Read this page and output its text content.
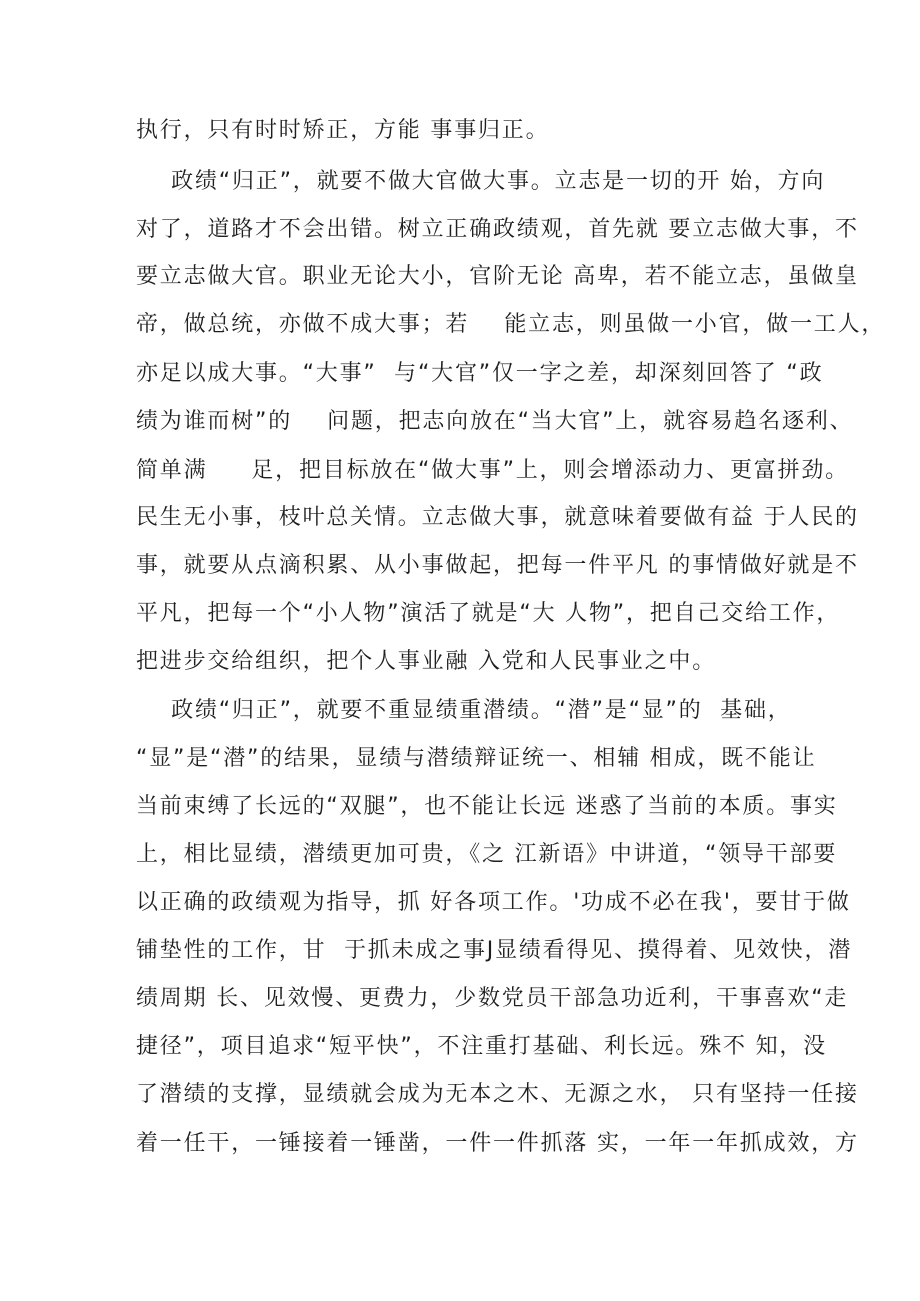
执行，只有时时矫正，方能 事事归正。
政绩“归正”，就要不做大官做大事。立志是一切的开 始，方向
对了，道路才不会出错。树立正确政绩观，首先就 要立志做大事，不
要立志做大官。职业无论大小，官阶无论 高卑，若不能立志，虽做皇
帝，做总统，亦做不成大事；若    能立志，则虽做一小官，做一工人，
亦足以成大事。“大事”  与“大官”仅一字之差，却深刻回答了 “政
绩为谁而树”的    问题，把志向放在“当大官”上，就容易趋名逐利、
简单满     足，把目标放在“做大事”上，则会增添动力、更富拼劲。
民生无小事，枝叶总关情。立志做大事，就意味着要做有益 于人民的
事，就要从点滴积累、从小事做起，把每一件平凡 的事情做好就是不
平凡，把每一个“小人物”演活了就是“大 人物”，把自己交给工作，
把进步交给组织，把个人事业融 入党和人民事业之中。
政绩“归正”，就要不重显绩重潜绩。“潜”是“显”的  基础，
“显”是“潜”的结果，显绩与潜绩辩证统一、相辅 相成，既不能让
当前束缚了长远的“双腿”，也不能让长远 迷惑了当前的本质。事实
上，相比显绩，潜绩更加可贵，《之 江新语》中讲道，“领导干部要
以正确的政绩观为指导，抓 好各项工作。'功成不必在我'，要甘于做
铺垫性的工作，甘  于抓未成之事J显绩看得见、摸得着、见效快，潜
绩周期 长、见效慢、更费力，少数党员干部急功近利，干事喜欢“走
捷径”，项目追求“短平快”，不注重打基础、利长远。殊不 知，没
了潜绩的支撑，显绩就会成为无本之木、无源之水， 只有坚持一任接
着一任干，一锤接着一锤凿，一件一件抓落 实，一年一年抓成效，方
